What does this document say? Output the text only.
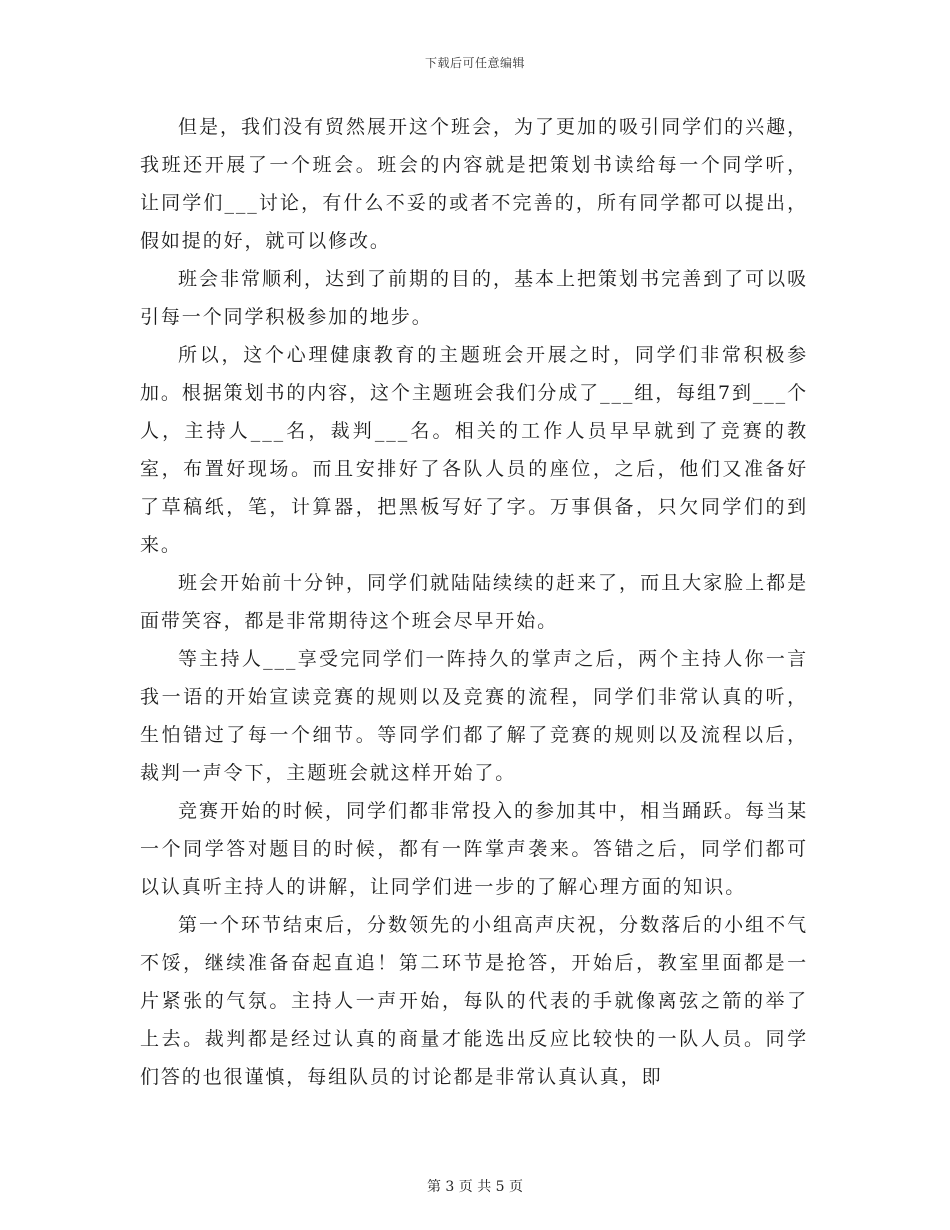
下载后可任意编辑

但是，我们没有贸然展开这个班会，为了更加的吸引同学们的兴趣，我班还开展了一个班会。班会的内容就是把策划书读给每一个同学听，让同学们___讨论，有什么不妥的或者不完善的，所有同学都可以提出，假如提的好，就可以修改。

班会非常顺利，达到了前期的目的，基本上把策划书完善到了可以吸引每一个同学积极参加的地步。

所以，这个心理健康教育的主题班会开展之时，同学们非常积极参加。根据策划书的内容，这个主题班会我们分成了___组，每组7到___个人，主持人___名，裁判___名。相关的工作人员早早就到了竞赛的教室，布置好现场。而且安排好了各队人员的座位，之后，他们又准备好了草稿纸，笔，计算器，把黑板写好了字。万事俱备，只欠同学们的到来。

班会开始前十分钟，同学们就陆陆续续的赶来了，而且大家脸上都是面带笑容，都是非常期待这个班会尽早开始。

等主持人___享受完同学们一阵持久的掌声之后，两个主持人你一言我一语的开始宣读竞赛的规则以及竞赛的流程，同学们非常认真的听，生怕错过了每一个细节。等同学们都了解了竞赛的规则以及流程以后，裁判一声令下，主题班会就这样开始了。

竞赛开始的时候，同学们都非常投入的参加其中，相当踊跃。每当某一个同学答对题目的时候，都有一阵掌声袭来。答错之后，同学们都可以认真听主持人的讲解，让同学们进一步的了解心理方面的知识。

第一个环节结束后，分数领先的小组高声庆祝，分数落后的小组不气不馁，继续准备奋起直追！第二环节是抢答，开始后，教室里面都是一片紧张的气氛。主持人一声开始，每队的代表的手就像离弦之箭的举了上去。裁判都是经过认真的商量才能选出反应比较快的一队人员。同学们答的也很谨慎，每组队员的讨论都是非常认真认真，即

第 3 页 共 5 页
